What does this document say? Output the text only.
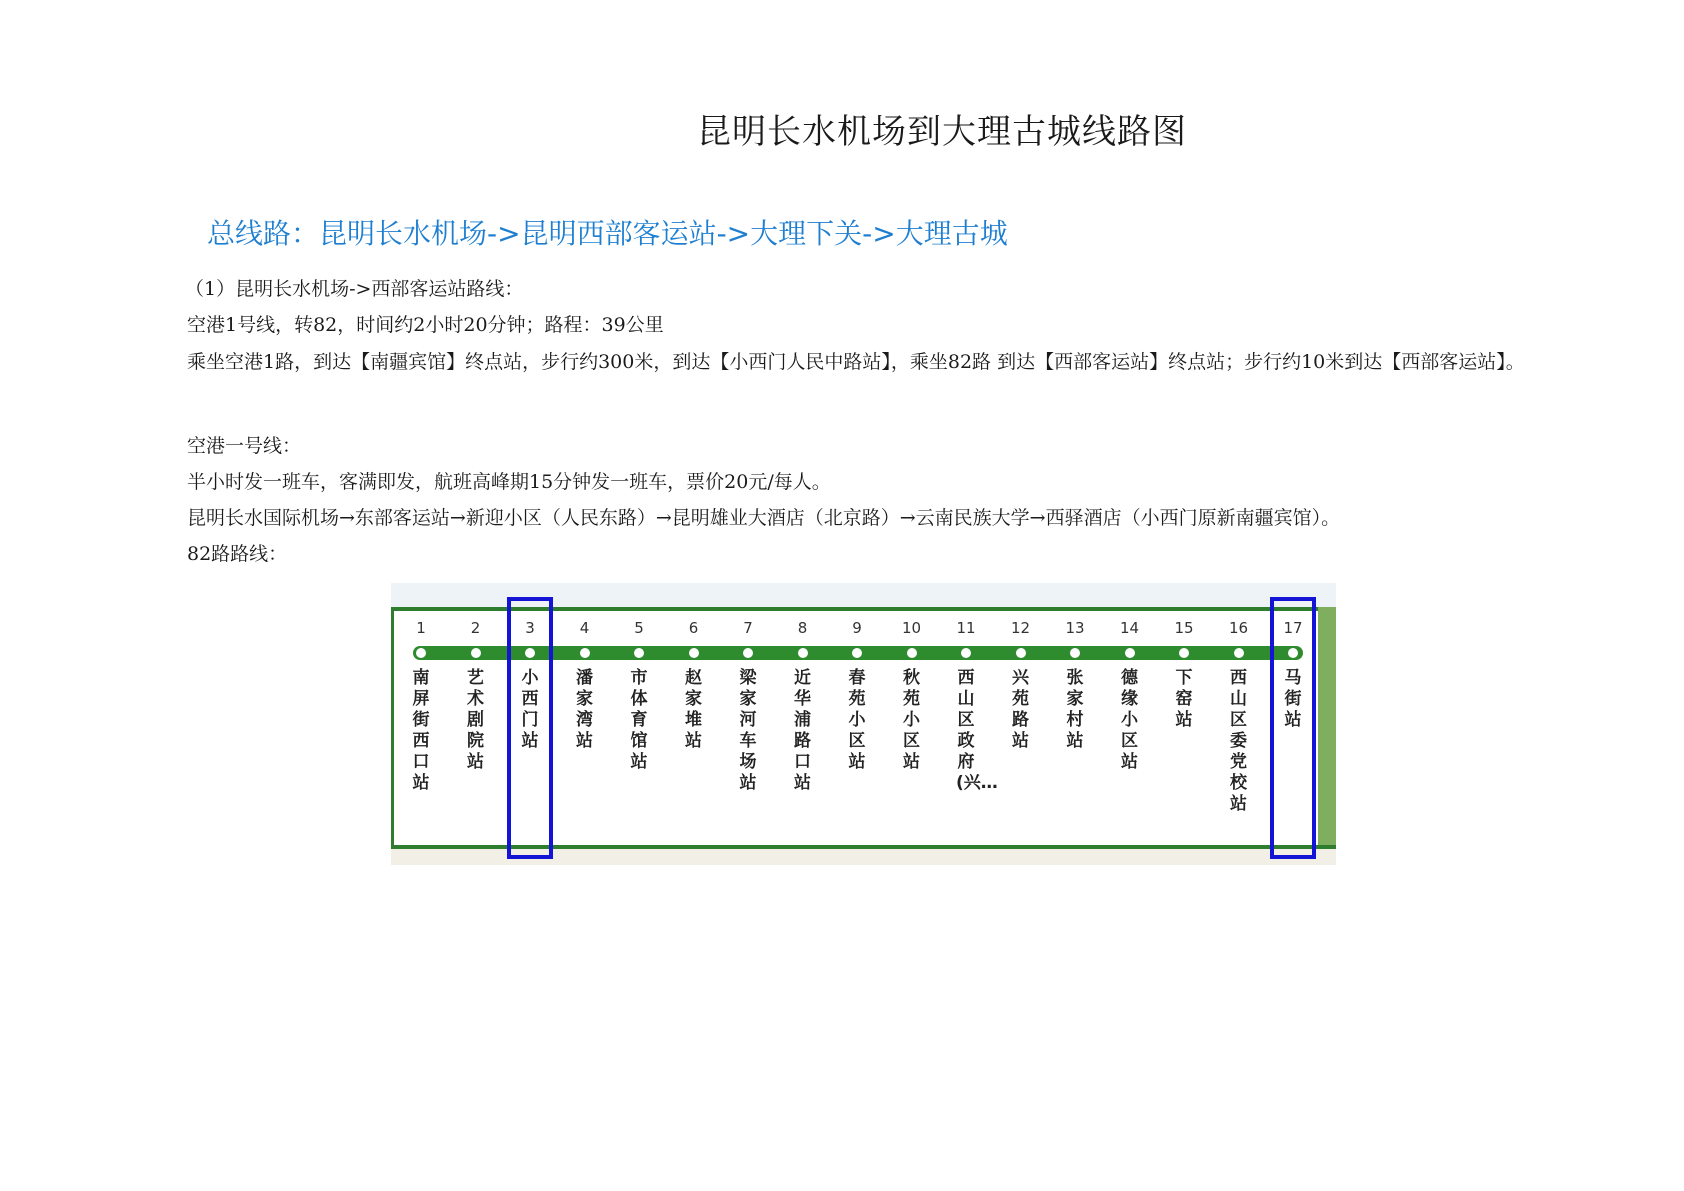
昆明长水机场到大理古城线路图
总线路：昆明长水机场->昆明西部客运站->大理下关->大理古城
（1）昆明长水机场->西部客运站路线：
空港1号线，转82，时间约2小时20分钟；路程：39公里
乘坐空港1路，到达【南疆宾馆】终点站，步行约300米，到达【小西门人民中路站】，乘坐82路 到达【西部客运站】终点站；步行约10米到达【西部客运站】。
空港一号线：
半小时发一班车，客满即发，航班高峰期15分钟发一班车，票价20元/每人。
昆明长水国际机场→东部客运站→新迎小区（人民东路）→昆明雄业大酒店（北京路）→云南民族大学→西驿酒店（小西门原新南疆宾馆）。
82路路线：
1
南屏街西口站
2
艺术剧院站
3
小西门站
4
潘家湾站
5
市体育馆站
6
赵家堆站
7
梁家河车场站
8
近华浦路口站
9
春苑小区站
10
秋苑小区站
11
西山区政府(兴…
12
兴苑路站
13
张家村站
14
德缘小区站
15
下窑站
16
西山区委党校站
17
马街站
